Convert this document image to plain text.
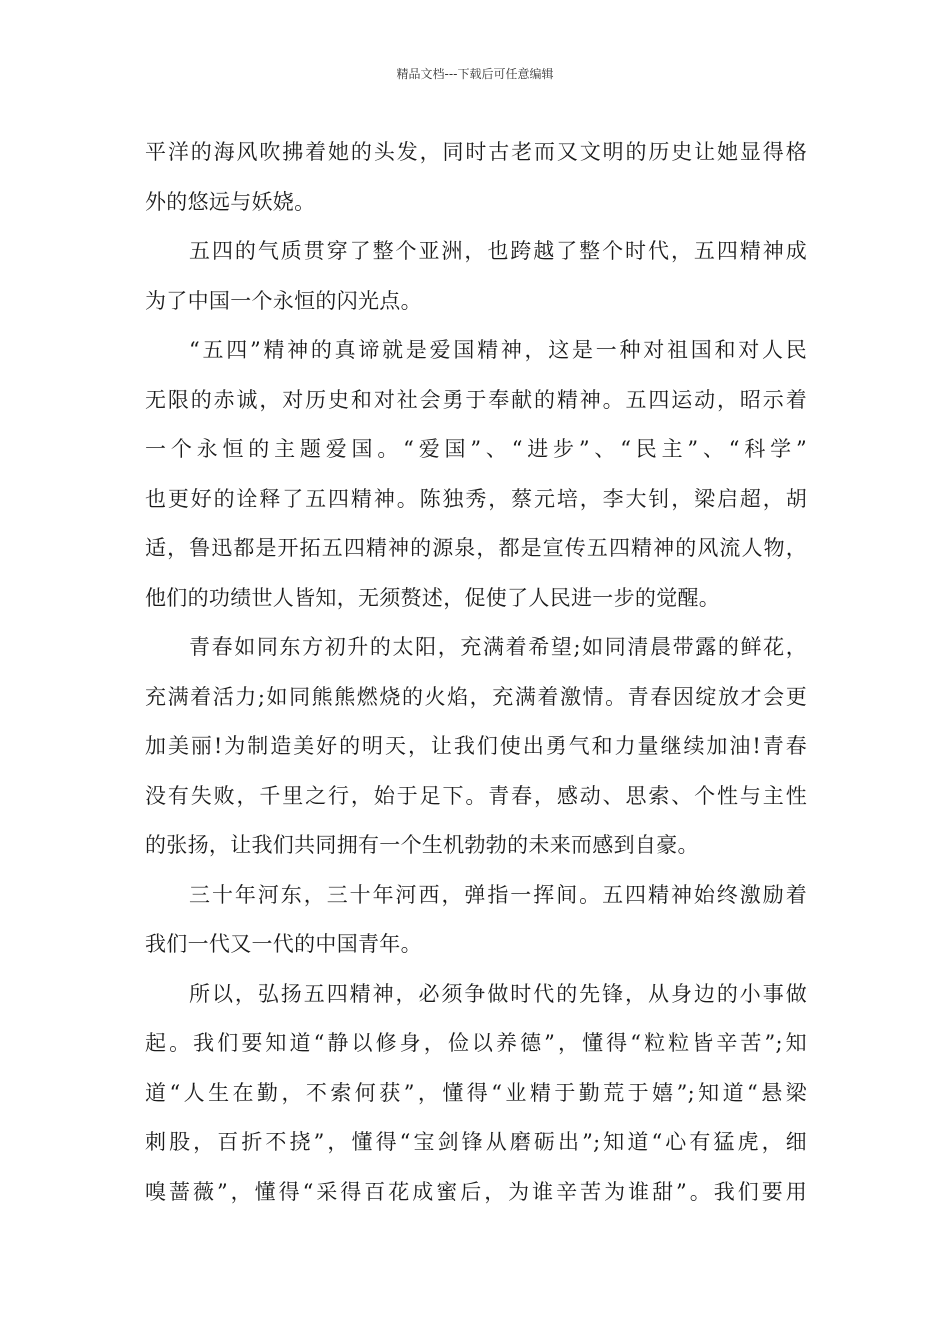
精品文档---下载后可任意编辑
平洋的海风吹拂着她的头发，同时古老而又文明的历史让她显得格
外的悠远与妖娆。
五四的气质贯穿了整个亚洲，也跨越了整个时代，五四精神成
为了中国一个永恒的闪光点。
“五四”精神的真谛就是爱国精神，这是一种对祖国和对人民
无限的赤诚，对历史和对社会勇于奉献的精神。五四运动，昭示着
一个永恒的主题爱国。“爱国”、“进步”、“民主”、“科学”
也更好的诠释了五四精神。陈独秀，蔡元培，李大钊，梁启超，胡
适，鲁迅都是开拓五四精神的源泉，都是宣传五四精神的风流人物，
他们的功绩世人皆知，无须赘述，促使了人民进一步的觉醒。
青春如同东方初升的太阳，充满着希望;如同清晨带露的鲜花，
充满着活力;如同熊熊燃烧的火焰，充满着激情。青春因绽放才会更
加美丽!为制造美好的明天，让我们使出勇气和力量继续加油!青春
没有失败，千里之行，始于足下。青春，感动、思索、个性与主性
的张扬，让我们共同拥有一个生机勃勃的未来而感到自豪。
三十年河东，三十年河西，弹指一挥间。五四精神始终激励着
我们一代又一代的中国青年。
所以，弘扬五四精神，必须争做时代的先锋，从身边的小事做
起。我们要知道“静以修身，俭以养德”，懂得“粒粒皆辛苦”;知
道“人生在勤，不索何获”，懂得“业精于勤荒于嬉”;知道“悬梁
刺股，百折不挠”，懂得“宝剑锋从磨砺出”;知道“心有猛虎，细
嗅蔷薇”，懂得“采得百花成蜜后，为谁辛苦为谁甜”。我们要用
